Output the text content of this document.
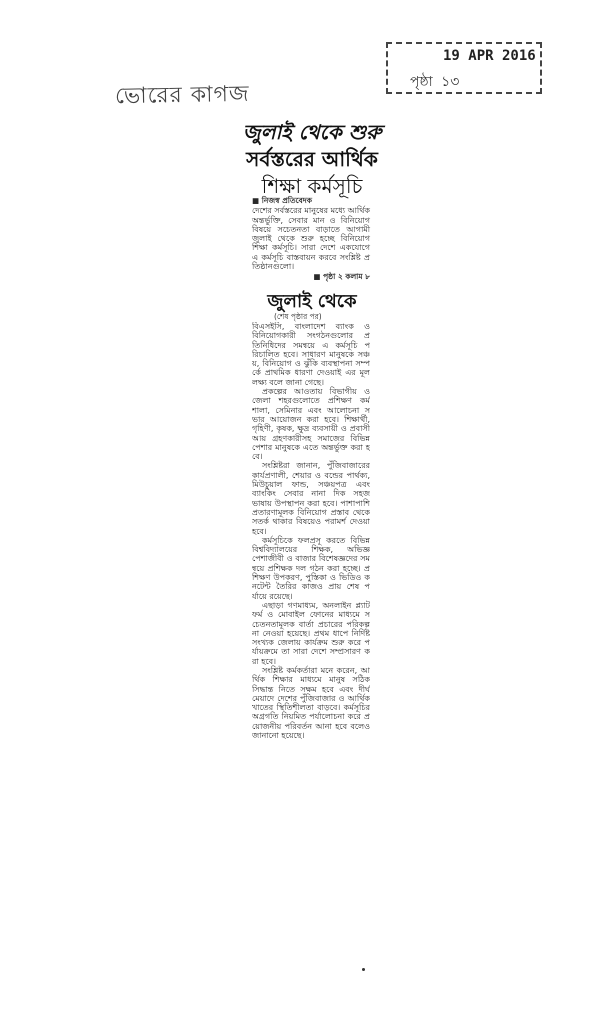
ভোরের কাগজ
19 APR 2016
পৃষ্ঠা ১৩
জুলাই থেকে শুরু
সর্বস্তরের আর্থিক
শিক্ষা কর্মসূচি
■ নিজস্ব প্রতিবেদক

দেশের সর্বস্তরের মানুষের মধ্যে আর্থিক অন্তর্ভুক্তি, সেবার মান ও বিনিয়োগ বিষয়ে সচেতনতা বাড়াতে আগামী জুলাই থেকে শুরু হচ্ছে বিনিয়োগ শিক্ষা কর্মসূচি। সারা দেশে একযোগে এ কর্মসূচি বাস্তবায়ন করবে সংশ্লিষ্ট প্রতিষ্ঠানগুলো।

■ পৃষ্ঠা ২ কলাম ৮
জুলাই থেকে
(শেষ পৃষ্ঠার পর)

বিএসইসি, বাংলাদেশ ব্যাংক ও বিনিয়োগকারী সংগঠনগুলোর প্রতিনিধিদের সমন্বয়ে এ কর্মসূচি পরিচালিত হবে। সাধারণ মানুষকে সঞ্চয়, বিনিয়োগ ও ঝুঁকি ব্যবস্থাপনা সম্পর্কে প্রাথমিক ধারণা দেওয়াই এর মূল লক্ষ্য বলে জানা গেছে।

প্রকল্পের আওতায় বিভাগীয় ও জেলা শহরগুলোতে প্রশিক্ষণ কর্মশালা, সেমিনার এবং আলোচনা সভার আয়োজন করা হবে। শিক্ষার্থী, গৃহিণী, কৃষক, ক্ষুদ্র ব্যবসায়ী ও প্রবাসী আয় গ্রহণকারীসহ সমাজের বিভিন্ন পেশার মানুষকে এতে অন্তর্ভুক্ত করা হবে।

সংশ্লিষ্টরা জানান, পুঁজিবাজারের কার্যপ্রণালী, শেয়ার ও বন্ডের পার্থক্য, মিউচুয়াল ফান্ড, সঞ্চয়পত্র এবং ব্যাংকিং সেবার নানা দিক সহজ ভাষায় উপস্থাপন করা হবে। পাশাপাশি প্রতারণামূলক বিনিয়োগ প্রস্তাব থেকে সতর্ক থাকার বিষয়েও পরামর্শ দেওয়া হবে।

কর্মসূচিকে ফলপ্রসূ করতে বিভিন্ন বিশ্ববিদ্যালয়ের শিক্ষক, অভিজ্ঞ পেশাজীবী ও বাজার বিশেষজ্ঞদের সমন্বয়ে প্রশিক্ষক দল গঠন করা হচ্ছে। প্রশিক্ষণ উপকরণ, পুস্তিকা ও ভিডিও কনটেন্ট তৈরির কাজও প্রায় শেষ পর্যায়ে রয়েছে।

এছাড়া গণমাধ্যম, অনলাইন প্ল্যাটফর্ম ও মোবাইল ফোনের মাধ্যমে সচেতনতামূলক বার্তা প্রচারের পরিকল্পনা নেওয়া হয়েছে। প্রথম ধাপে নির্দিষ্ট সংখ্যক জেলায় কার্যক্রম শুরু করে পর্যায়ক্রমে তা সারা দেশে সম্প্রসারণ করা হবে।

সংশ্লিষ্ট কর্মকর্তারা মনে করেন, আর্থিক শিক্ষার মাধ্যমে মানুষ সঠিক সিদ্ধান্ত নিতে সক্ষম হবে এবং দীর্ঘমেয়াদে দেশের পুঁজিবাজার ও আর্থিক খাতের স্থিতিশীলতা বাড়বে। কর্মসূচির অগ্রগতি নিয়মিত পর্যালোচনা করে প্রয়োজনীয় পরিবর্তন আনা হবে বলেও জানানো হয়েছে।
